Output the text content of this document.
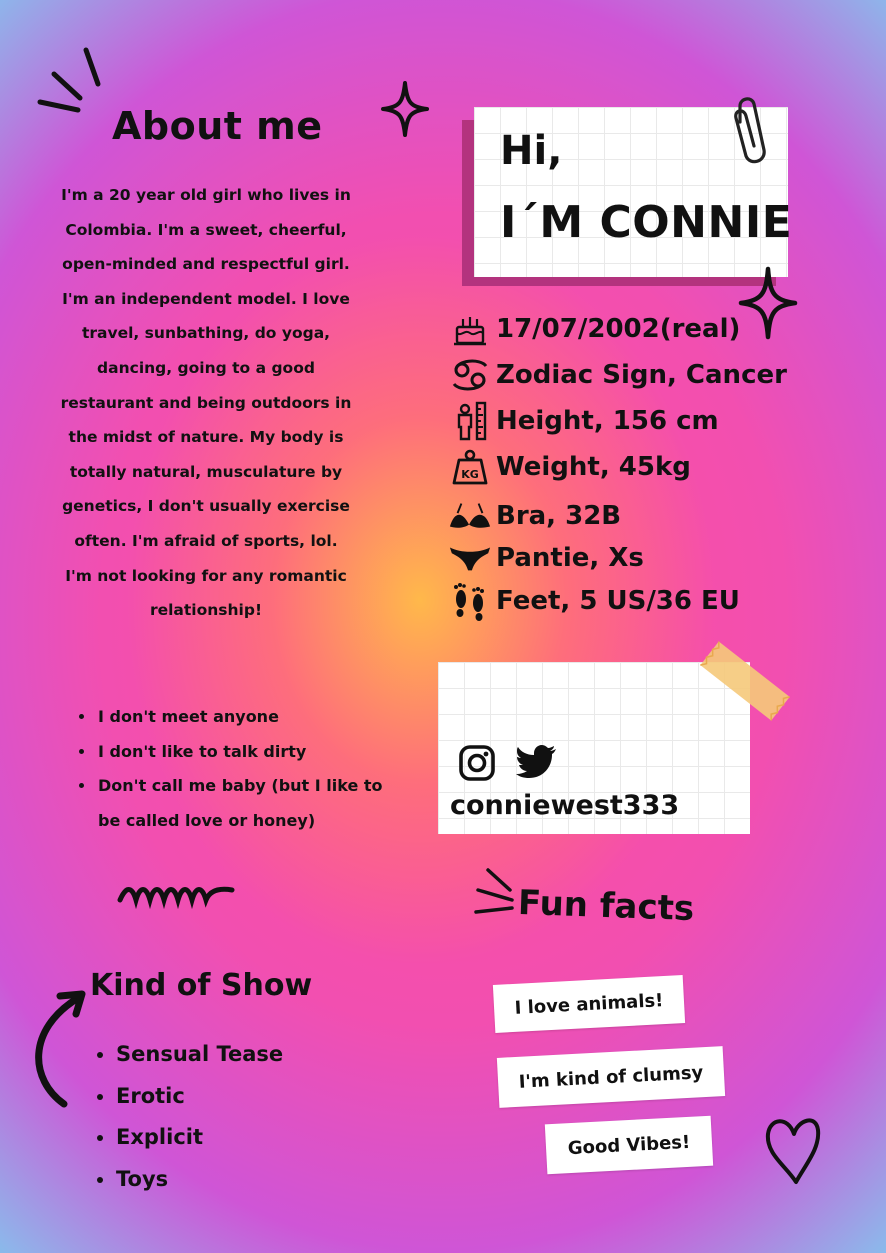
About me

I'm a 20 year old girl who lives in Colombia. I'm a sweet, cheerful, open-minded and respectful girl. I'm an independent model. I love travel, sunbathing, do yoga, dancing, going to a good restaurant and being outdoors in the midst of nature. My body is totally natural, musculature by genetics, I don't usually exercise often. I'm afraid of sports, lol.

I'm not looking for any romantic relationship!

• I don't meet anyone
• I don't like to talk dirty
• Don't call me baby (but I like to be called love or honey)
Kind of Show
• Sensual Tease
• Erotic
• Explicit
• Toys
Hi,
I´M CONNIE
17/07/2002(real)
Zodiac Sign, Cancer
Height, 156 cm
KG Weight, 45kg
Bra, 32B
Pantie, Xs
Feet, 5 US/36 EU
conniewest333
Fun facts
I love animals!
I'm kind of clumsy
Good Vibes!
